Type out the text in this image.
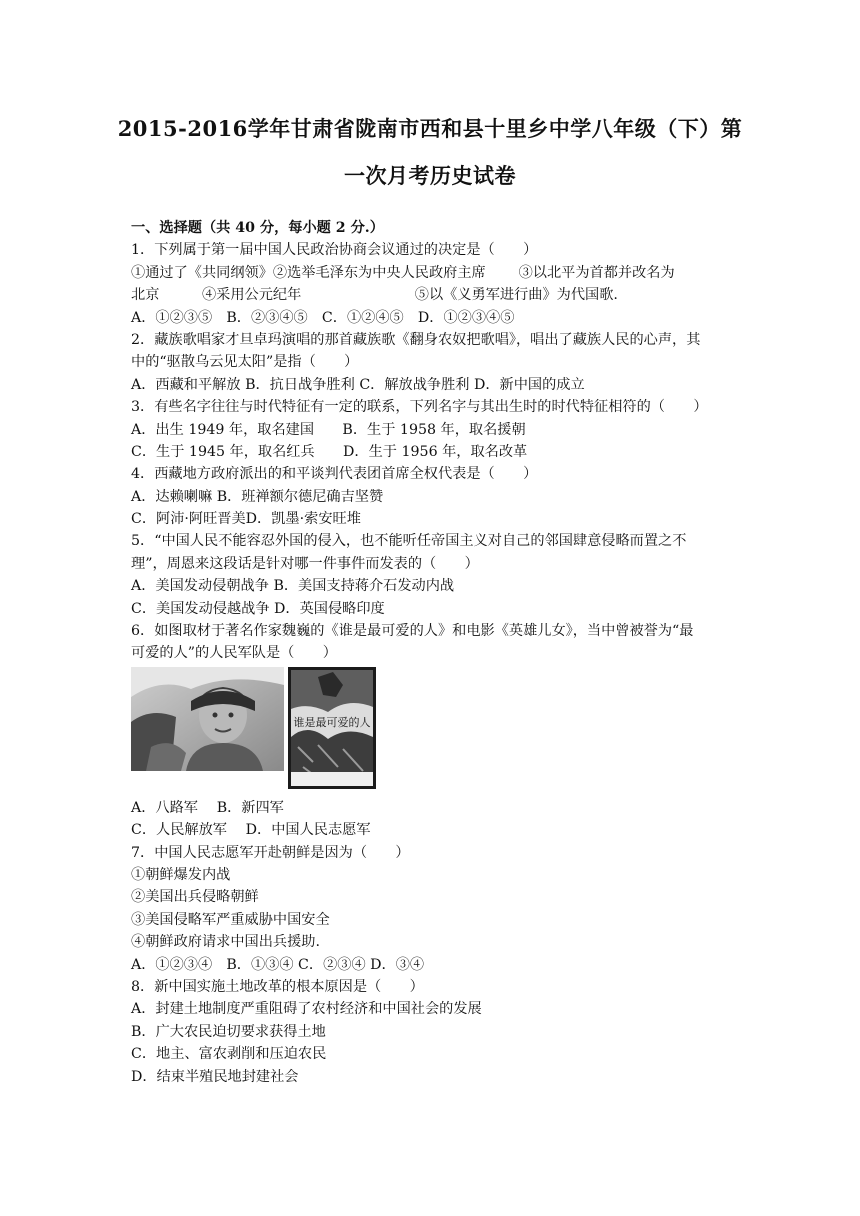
2015-2016学年甘肃省陇南市西和县十里乡中学八年级（下）第
一次月考历史试卷
一、选择题（共 40 分，每小题 2 分.）
1．下列属于第一届中国人民政治协商会议通过的决定是（　　）
①通过了《共同纲领》②选举毛泽东为中央人民政府主席　　 ③以北平为首都并改名为
北京　　　④采用公元纪年　　　　　　　　⑤以《义勇军进行曲》为代国歌.
A．①②③⑤　B．②③④⑤　C．①②④⑤　D．①②③④⑤
2．藏族歌唱家才旦卓玛演唱的那首藏族歌《翻身农奴把歌唱》，唱出了藏族人民的心声，其
中的“驱散乌云见太阳”是指（　　）
A．西藏和平解放 B．抗日战争胜利 C．解放战争胜利 D．新中国的成立
3．有些名字往往与时代特征有一定的联系，下列名字与其出生时的时代特征相符的（　　）
A．出生 1949 年，取名建国　　B．生于 1958 年，取名援朝
C．生于 1945 年，取名红兵　　D．生于 1956 年，取名改革
4．西藏地方政府派出的和平谈判代表团首席全权代表是（　　）
A．达赖喇嘛 B．班禅额尔德尼确吉坚赞
C．阿沛·阿旺晋美D．凯墨·索安旺堆
5．“中国人民不能容忍外国的侵入，也不能听任帝国主义对自己的邻国肆意侵略而置之不
理”，周恩来这段话是针对哪一件事件而发表的（　　）
A．美国发动侵朝战争 B．美国支持蒋介石发动内战
C．美国发动侵越战争 D．英国侵略印度
6．如图取材于著名作家魏巍的《谁是最可爱的人》和电影《英雄儿女》，当中曾被誉为“最
可爱的人”的人民军队是（　　）
谁是最可爱的人
A．八路军　 B．新四军
C．人民解放军　 D．中国人民志愿军
7．中国人民志愿军开赴朝鲜是因为（　　）
①朝鲜爆发内战
②美国出兵侵略朝鲜
③美国侵略军严重威胁中国安全
④朝鲜政府请求中国出兵援助.
A．①②③④　B．①③④ C．②③④ D．③④
8．新中国实施土地改革的根本原因是（　　）
A．封建土地制度严重阻碍了农村经济和中国社会的发展
B．广大农民迫切要求获得土地
C．地主、富农剥削和压迫农民
D．结束半殖民地封建社会
